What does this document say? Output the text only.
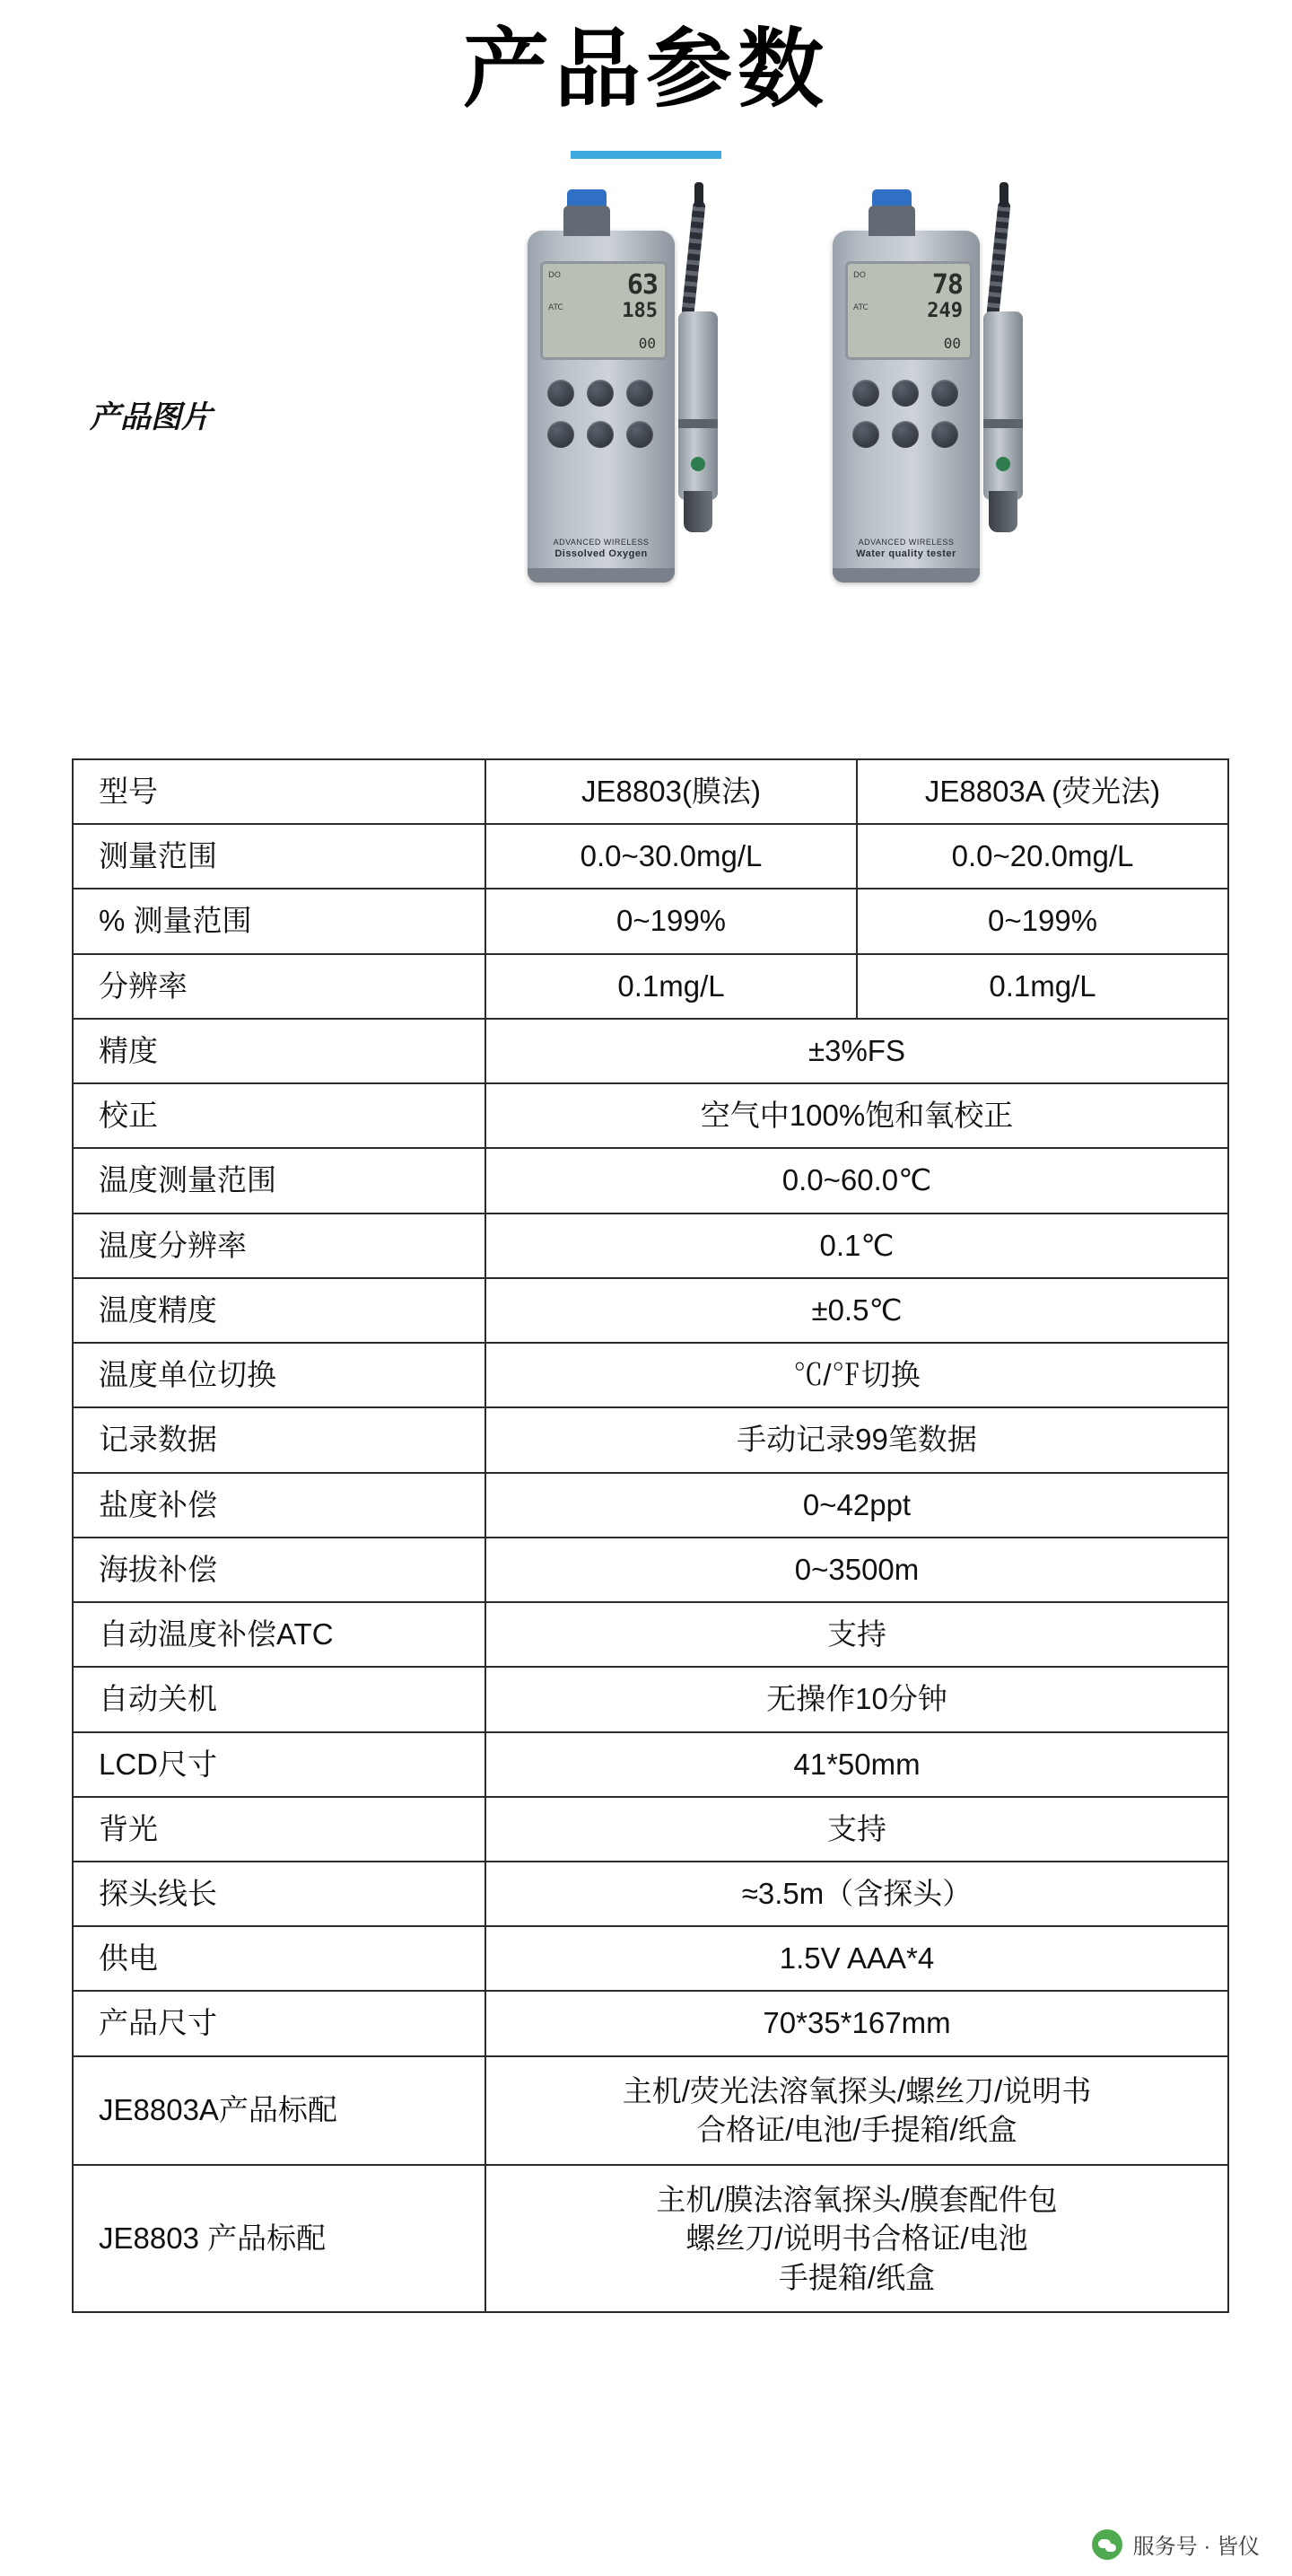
产品参数
产品图片
DO
ATC
63
185
00
ADVANCED WIRELESS
Dissolved Oxygen
DO
ATC
78
249
00
ADVANCED WIRELESS
Water quality tester
型号	JE8803(膜法)	JE8803A (荧光法)
测量范围	0.0~30.0mg/L	0.0~20.0mg/L
% 测量范围	0~199%	0~199%
分辨率	0.1mg/L	0.1mg/L
精度	±3%FS	
校正	空气中100%饱和氧校正	
温度测量范围	0.0~60.0℃	
温度分辨率	0.1℃	
温度精度	±0.5℃	
温度单位切换	℃/℉切换	
记录数据	手动记录99笔数据	
盐度补偿	0~42ppt	
海拔补偿	0~3500m	
自动温度补偿ATC	支持	
自动关机	无操作10分钟	
LCD尺寸	41*50mm	
背光	支持	
探头线长	≈3.5m（含探头）	
供电	1.5V AAA*4	
产品尺寸	70*35*167mm	
JE8803A产品标配	主机/荧光法溶氧探头/螺丝刀/说明书
合格证/电池/手提箱/纸盒	
JE8803 产品标配	主机/膜法溶氧探头/膜套配件包
螺丝刀/说明书合格证/电池
手提箱/纸盒	
服务号 · 皆仪
